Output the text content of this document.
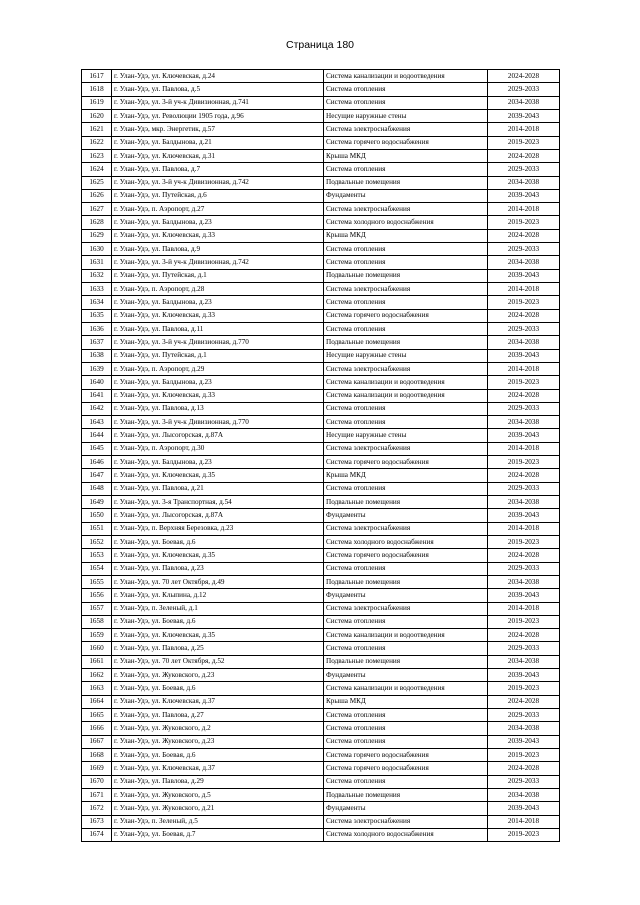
Страница 180
1617	г. Улан-Удэ, ул. Ключевская, д.24	Система канализации и водоотведения	2024-2028
1618	г. Улан-Удэ, ул. Павлова, д.5	Система отопления	2029-2033
1619	г. Улан-Удэ, ул. 3-й уч-к Дивизионная, д.741	Система отопления	2034-2038
1620	г. Улан-Удэ, ул. Революции 1905 года, д.96	Несущие наружные стены	2039-2043
1621	г. Улан-Удэ, мкр. Энергетик, д.57	Система электроснабжения	2014-2018
1622	г. Улан-Удэ, ул. Балдынова, д.21	Система горячего водоснабжения	2019-2023
1623	г. Улан-Удэ, ул. Ключевская, д.31	Крыша МКД	2024-2028
1624	г. Улан-Удэ, ул. Павлова, д.7	Система отопления	2029-2033
1625	г. Улан-Удэ, ул. 3-й уч-к Дивизионная, д.742	Подвальные помещения	2034-2038
1626	г. Улан-Удэ, ул. Путейская, д.6	Фундаменты	2039-2043
1627	г. Улан-Удэ, п. Аэропорт, д.27	Система электроснабжения	2014-2018
1628	г. Улан-Удэ, ул. Балдынова, д.23	Система холодного водоснабжения	2019-2023
1629	г. Улан-Удэ, ул. Ключевская, д.33	Крыша МКД	2024-2028
1630	г. Улан-Удэ, ул. Павлова, д.9	Система отопления	2029-2033
1631	г. Улан-Удэ, ул. 3-й уч-к Дивизионная, д.742	Система отопления	2034-2038
1632	г. Улан-Удэ, ул. Путейская, д.1	Подвальные помещения	2039-2043
1633	г. Улан-Удэ, п. Аэропорт, д.28	Система электроснабжения	2014-2018
1634	г. Улан-Удэ, ул. Балдынова, д.23	Система отопления	2019-2023
1635	г. Улан-Удэ, ул. Ключевская, д.33	Система горячего водоснабжения	2024-2028
1636	г. Улан-Удэ, ул. Павлова, д.11	Система отопления	2029-2033
1637	г. Улан-Удэ, ул. 3-й уч-к Дивизионная, д.770	Подвальные помещения	2034-2038
1638	г. Улан-Удэ, ул. Путейская, д.1	Несущие наружные стены	2039-2043
1639	г. Улан-Удэ, п. Аэропорт, д.29	Система электроснабжения	2014-2018
1640	г. Улан-Удэ, ул. Балдынова, д.23	Система канализации и водоотведения	2019-2023
1641	г. Улан-Удэ, ул. Ключевская, д.33	Система канализации и водоотведения	2024-2028
1642	г. Улан-Удэ, ул. Павлова, д.13	Система отопления	2029-2033
1643	г. Улан-Удэ, ул. 3-й уч-к Дивизионная, д.770	Система отопления	2034-2038
1644	г. Улан-Удэ, ул. Лысогорская, д.87А	Несущие наружные стены	2039-2043
1645	г. Улан-Удэ, п. Аэропорт, д.30	Система электроснабжения	2014-2018
1646	г. Улан-Удэ, ул. Балдынова, д.23	Система горячего водоснабжения	2019-2023
1647	г. Улан-Удэ, ул. Ключевская, д.35	Крыша МКД	2024-2028
1648	г. Улан-Удэ, ул. Павлова, д.21	Система отопления	2029-2033
1649	г. Улан-Удэ, ул. 3-я Транспортная, д.54	Подвальные помещения	2034-2038
1650	г. Улан-Удэ, ул. Лысогорская, д.87А	Фундаменты	2039-2043
1651	г. Улан-Удэ, п. Верхняя Березовка, д.23	Система электроснабжения	2014-2018
1652	г. Улан-Удэ, ул. Боевая, д.6	Система холодного водоснабжения	2019-2023
1653	г. Улан-Удэ, ул. Ключевская, д.35	Система горячего водоснабжения	2024-2028
1654	г. Улан-Удэ, ул. Павлова, д.23	Система отопления	2029-2033
1655	г. Улан-Удэ, ул. 70 лет Октября, д.49	Подвальные помещения	2034-2038
1656	г. Улан-Удэ, ул. Клыпина, д.12	Фундаменты	2039-2043
1657	г. Улан-Удэ, п. Зеленый, д.1	Система электроснабжения	2014-2018
1658	г. Улан-Удэ, ул. Боевая, д.6	Система отопления	2019-2023
1659	г. Улан-Удэ, ул. Ключевская, д.35	Система канализации и водоотведения	2024-2028
1660	г. Улан-Удэ, ул. Павлова, д.25	Система отопления	2029-2033
1661	г. Улан-Удэ, ул. 70 лет Октября, д.52	Подвальные помещения	2034-2038
1662	г. Улан-Удэ, ул. Жуковского, д.23	Фундаменты	2039-2043
1663	г. Улан-Удэ, ул. Боевая, д.6	Система канализации и водоотведения	2019-2023
1664	г. Улан-Удэ, ул. Ключевская, д.37	Крыша МКД	2024-2028
1665	г. Улан-Удэ, ул. Павлова, д.27	Система отопления	2029-2033
1666	г. Улан-Удэ, ул. Жуковского, д.2	Система отопления	2034-2038
1667	г. Улан-Удэ, ул. Жуковского, д.23	Система отопления	2039-2043
1668	г. Улан-Удэ, ул. Боевая, д.6	Система горячего водоснабжения	2019-2023
1669	г. Улан-Удэ, ул. Ключевская, д.37	Система горячего водоснабжения	2024-2028
1670	г. Улан-Удэ, ул. Павлова, д.29	Система отопления	2029-2033
1671	г. Улан-Удэ, ул. Жуковского, д.5	Подвальные помещения	2034-2038
1672	г. Улан-Удэ, ул. Жуковского, д.21	Фундаменты	2039-2043
1673	г. Улан-Удэ, п. Зеленый, д.5	Система электроснабжения	2014-2018
1674	г. Улан-Удэ, ул. Боевая, д.7	Система холодного водоснабжения	2019-2023
